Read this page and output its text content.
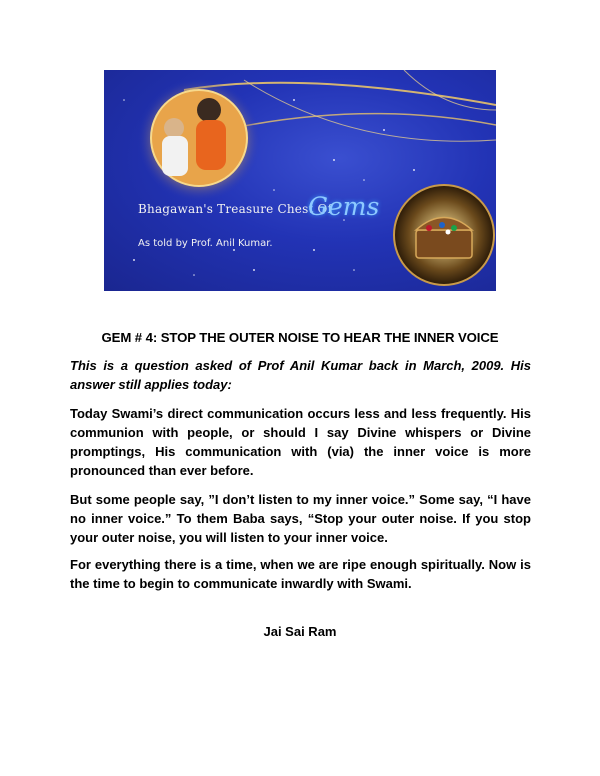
Bhagawan's Treasure Chest Of
Gems
As told by Prof. Anil Kumar.
GEM # 4: STOP THE OUTER NOISE TO HEAR THE INNER VOICE

This is a question asked of Prof Anil Kumar back in March, 2009. His answer still applies today:

Today Swami’s direct communication occurs less and less frequently. His communion with people, or should I say Divine whispers or Divine promptings, His communication with (via) the inner voice is more pronounced than ever before.

But some people say, ”I don’t listen to my inner voice.” Some say, “I have no inner voice.” To them Baba says, “Stop your outer noise. If you stop your outer noise, you will listen to your inner voice.

For everything there is a time, when we are ripe enough spiritually. Now is the time to begin to communicate inwardly with Swami.

Jai Sai Ram
